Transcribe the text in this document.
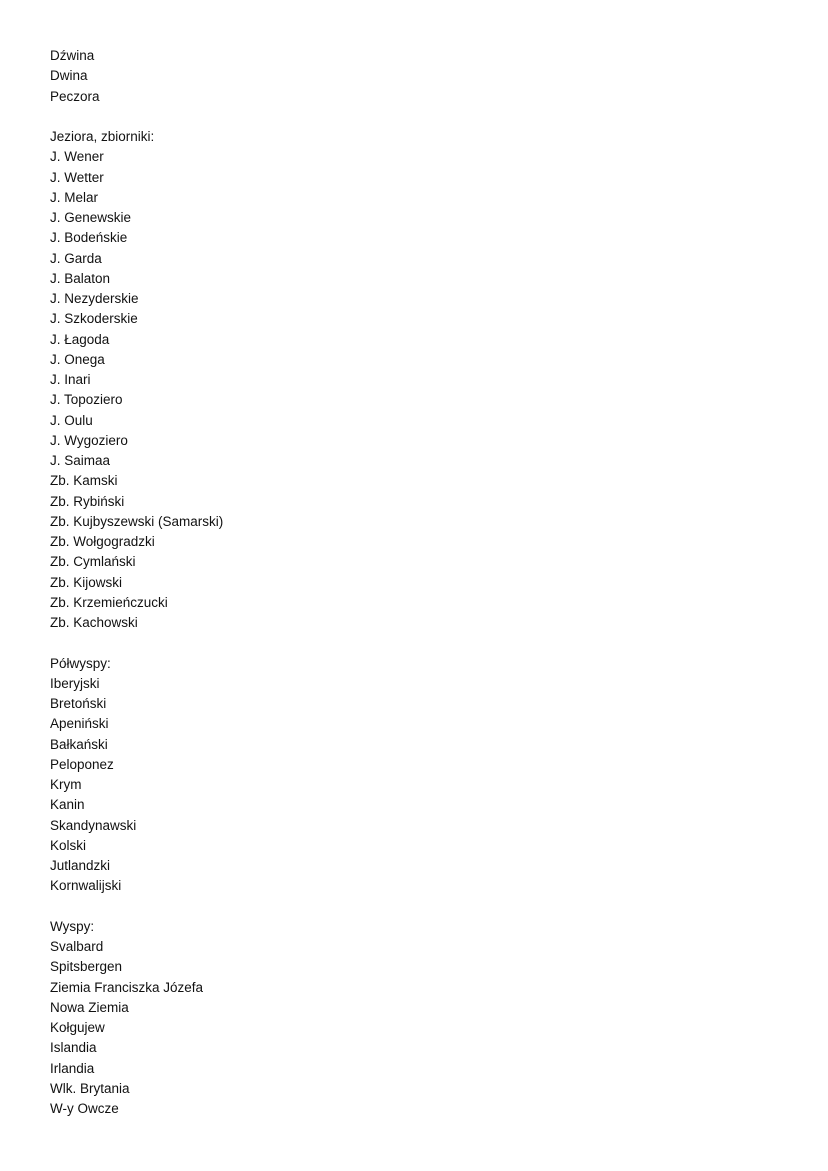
Dźwina
Dwina
Peczora
Jeziora, zbiorniki:
J. Wener
J. Wetter
J. Melar
J. Genewskie
J. Bodeńskie
J. Garda
J. Balaton
J. Nezyderskie
J. Szkoderskie
J. Łagoda
J. Onega
J. Inari
J. Topoziero
J. Oulu
J. Wygoziero
J. Saimaa
Zb. Kamski
Zb. Rybiński
Zb. Kujbyszewski (Samarski)
Zb. Wołgogradzki
Zb. Cymlański
Zb. Kijowski
Zb. Krzemieńczucki
Zb. Kachowski
Półwyspy:
Iberyjski
Bretoński
Apeniński
Bałkański
Peloponez
Krym
Kanin
Skandynawski
Kolski
Jutlandzki
Kornwalijski
Wyspy:
Svalbard
Spitsbergen
Ziemia Franciszka Józefa
Nowa Ziemia
Kołgujew
Islandia
Irlandia
Wlk. Brytania
W-y Owcze
